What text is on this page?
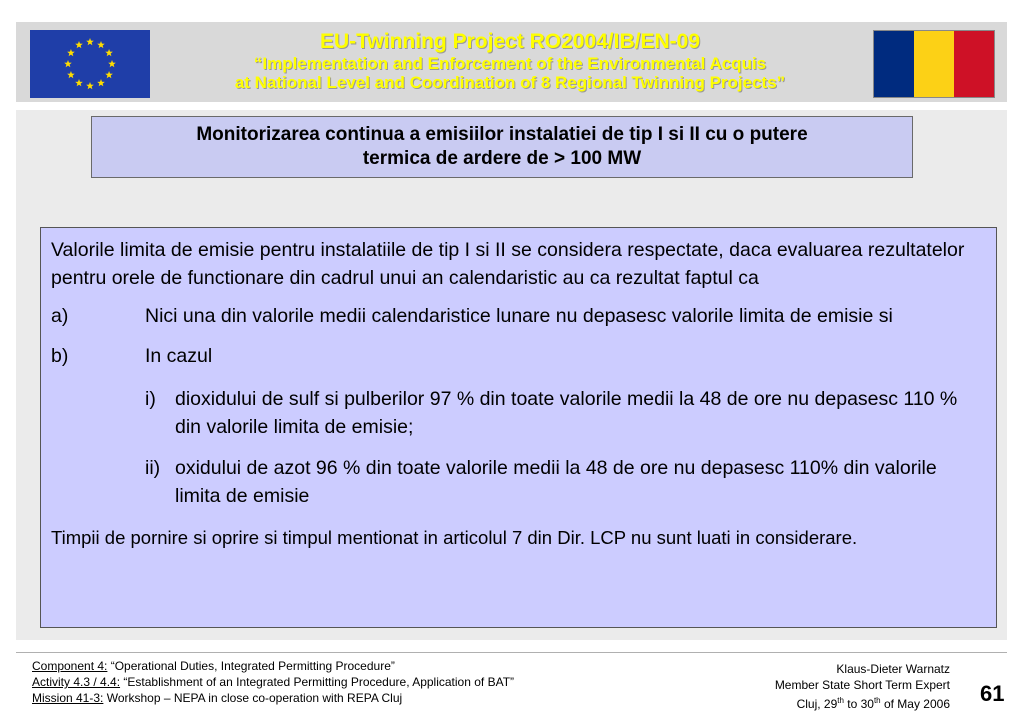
EU-Twinning Project RO2004/IB/EN-09
“Implementation and Enforcement of the Environmental Acquis
at National Level and Coordination of 8 Regional Twinning Projects”
Monitorizarea continua a emisiilor instalatiei de tip I si II cu o putere
termica de ardere de > 100 MW

Valorile limita de emisie pentru instalatiile de tip I si II se considera respectate, daca evaluarea rezultatelor pentru orele de functionare din cadrul unui an calendaristic au ca rezultat faptul ca

a)	Nici una din valorile medii calendaristice lunare nu depasesc valorile limita de emisie si
b)	In cazul
i) dioxidului de sulf si pulberilor 97 % din toate valorile medii la 48 de ore nu depasesc 110 % din valorile limita de emisie;
ii) oxidului de azot 96 % din toate valorile medii la 48 de ore nu depasesc 110% din valorile limita de emisie

Timpii de pornire si oprire si timpul mentionat in articolul 7 din Dir. LCP nu sunt luati in considerare.

Component 4: “Operational Duties, Integrated Permitting Procedure”
Activity 4.3 / 4.4: “Establishment of an Integrated Permitting Procedure, Application of BAT”
Mission 41-3: Workshop – NEPA in close co-operation with REPA Cluj
Klaus-Dieter Warnatz
Member State Short Term Expert
Cluj, 29th to 30th of May 2006 61
